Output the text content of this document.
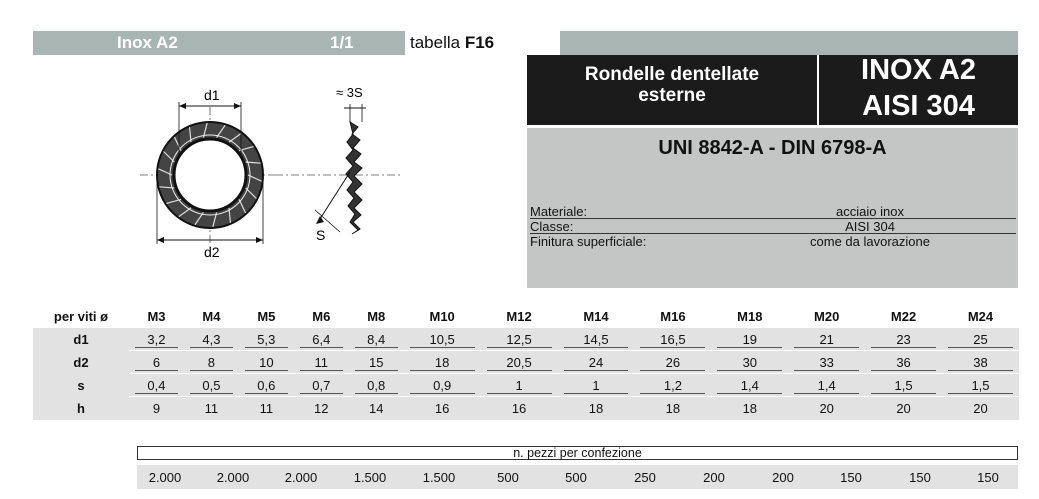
Inox A2	1/1	tabella F16
d1
d2
≈ 3S
S
Rondelle dentellate
esterne
INOX A2
AISI 304
UNI 8842-A - DIN 6798-A
Materiale:	acciaio inox
Classe:	AISI 304
Finitura superficiale:	come da lavorazione
per viti ø	M3	M4	M5	M6	M8	M10	M12	M14	M16	M18	M20	M22	M24
d1	3,2	4,3	5,3	6,4	8,4	10,5	12,5	14,5	16,5	19	21	23	25
d2	6	8	10	11	15	18	20,5	24	26	30	33	36	38
s	0,4	0,5	0,6	0,7	0,8	0,9	1	1	1,2	1,4	1,4	1,5	1,5
h	9	11	11	12	14	16	16	18	18	18	20	20	20
n. pezzi per confezione
2.000	2.000	2.000	1.500	1.500	500	500	250	200	200	150	150	150
